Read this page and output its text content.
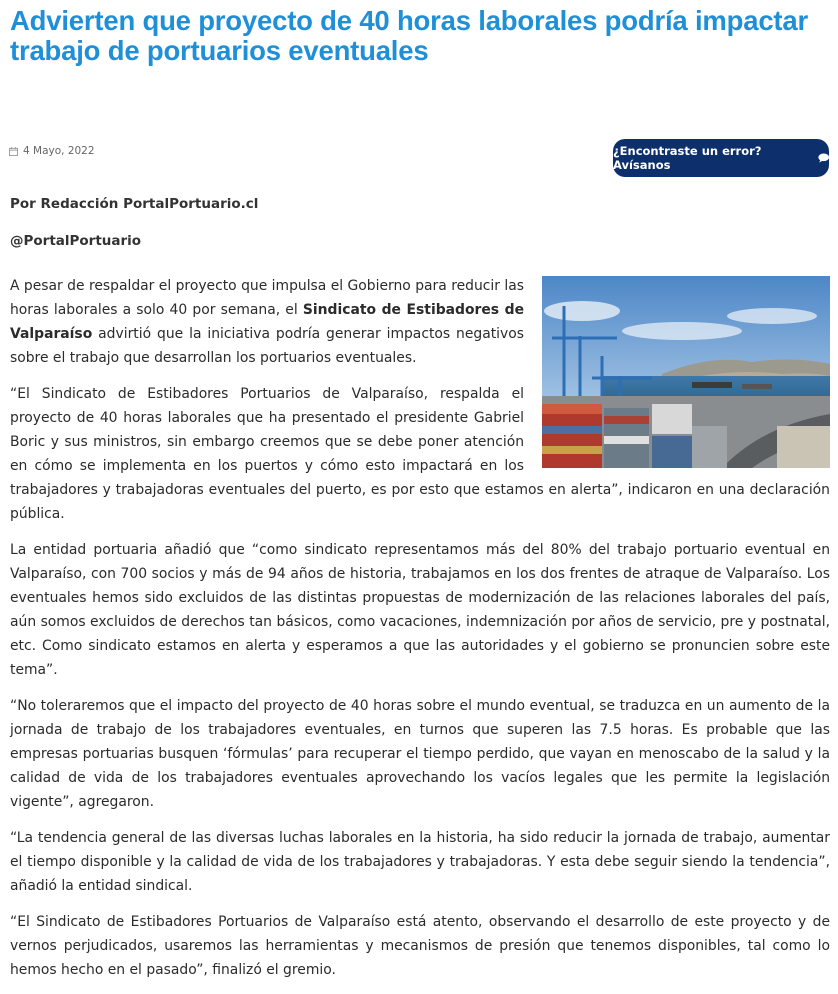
Advierten que proyecto de 40 horas laborales podría impactar trabajo de portuarios eventuales
4 Mayo, 2022	¿Encontraste un error? Avísanos
Por Redacción PortalPortuario.cl
@PortalPortuario

A pesar de respaldar el proyecto que impulsa el Gobierno para reducir las horas laborales a solo 40 por semana, el Sindicato de Estibadores de Valparaíso advirtió que la iniciativa podría generar impactos negativos sobre el trabajo que desarrollan los portuarios eventuales.

“El Sindicato de Estibadores Portuarios de Valparaíso, respalda el proyecto de 40 horas laborales que ha presentado el presidente Gabriel Boric y sus ministros, sin embargo creemos que se debe poner atención en cómo se implementa en los puertos y cómo esto impactará en los trabajadores y trabajadoras eventuales del puerto, es por esto que estamos en alerta”, indicaron en una declaración pública.

La entidad portuaria añadió que “como sindicato representamos más del 80% del trabajo portuario eventual en Valparaíso, con 700 socios y más de 94 años de historia, trabajamos en los dos frentes de atraque de Valparaíso. Los eventuales hemos sido excluidos de las distintas propuestas de modernización de las relaciones laborales del país, aún somos excluidos de derechos tan básicos, como vacaciones, indemnización por años de servicio, pre y postnatal, etc. Como sindicato estamos en alerta y esperamos a que las autoridades y el gobierno se pronuncien sobre este tema”.

“No toleraremos que el impacto del proyecto de 40 horas sobre el mundo eventual, se traduzca en un aumento de la jornada de trabajo de los trabajadores eventuales, en turnos que superen las 7.5 horas. Es probable que las empresas portuarias busquen ‘fórmulas’ para recuperar el tiempo perdido, que vayan en menoscabo de la salud y la calidad de vida de los trabajadores eventuales aprovechando los vacíos legales que les permite la legislación vigente”, agregaron.

“La tendencia general de las diversas luchas laborales en la historia, ha sido reducir la jornada de trabajo, aumentar el tiempo disponible y la calidad de vida de los trabajadores y trabajadoras. Y esta debe seguir siendo la tendencia”, añadió la entidad sindical.

“El Sindicato de Estibadores Portuarios de Valparaíso está atento, observando el desarrollo de este proyecto y de vernos perjudicados, usaremos las herramientas y mecanismos de presión que tenemos disponibles, tal como lo hemos hecho en el pasado”, finalizó el gremio.
